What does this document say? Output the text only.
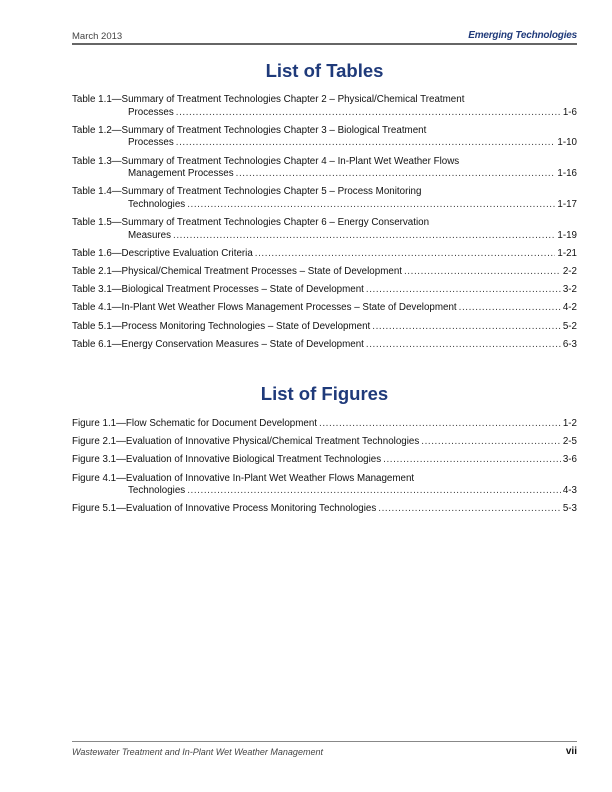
March 2013	Emerging Technologies
List of Tables
Table 1.1—Summary of Treatment Technologies Chapter 2 – Physical/Chemical Treatment
Processes .....	1-6
Table 1.2—Summary of Treatment Technologies Chapter 3 – Biological Treatment
Processes .....	1-10
Table 1.3—Summary of Treatment Technologies Chapter 4 – In-Plant Wet Weather Flows
Management Processes .....	1-16
Table 1.4—Summary of Treatment Technologies Chapter 5 – Process Monitoring
Technologies .....	1-17
Table 1.5—Summary of Treatment Technologies Chapter 6 – Energy Conservation
Measures .....	1-19
Table 1.6—Descriptive Evaluation Criteria .....	1-21
Table 2.1—Physical/Chemical Treatment Processes – State of Development .....	2-2
Table 3.1—Biological Treatment Processes – State of Development .....	3-2
Table 4.1—In-Plant Wet Weather Flows Management Processes – State of Development .....	4-2
Table 5.1—Process Monitoring Technologies – State of Development .....	5-2
Table 6.1—Energy Conservation Measures – State of Development .....	6-3
List of Figures
Figure 1.1—Flow Schematic for Document Development .....	1-2
Figure 2.1—Evaluation of Innovative Physical/Chemical Treatment Technologies .....	2-5
Figure 3.1—Evaluation of Innovative Biological Treatment Technologies .....	3-6
Figure 4.1—Evaluation of Innovative In-Plant Wet Weather Flows Management
Technologies .....	4-3
Figure 5.1—Evaluation of Innovative Process Monitoring Technologies .....	5-3
Wastewater Treatment and In-Plant Wet Weather Management	vii
